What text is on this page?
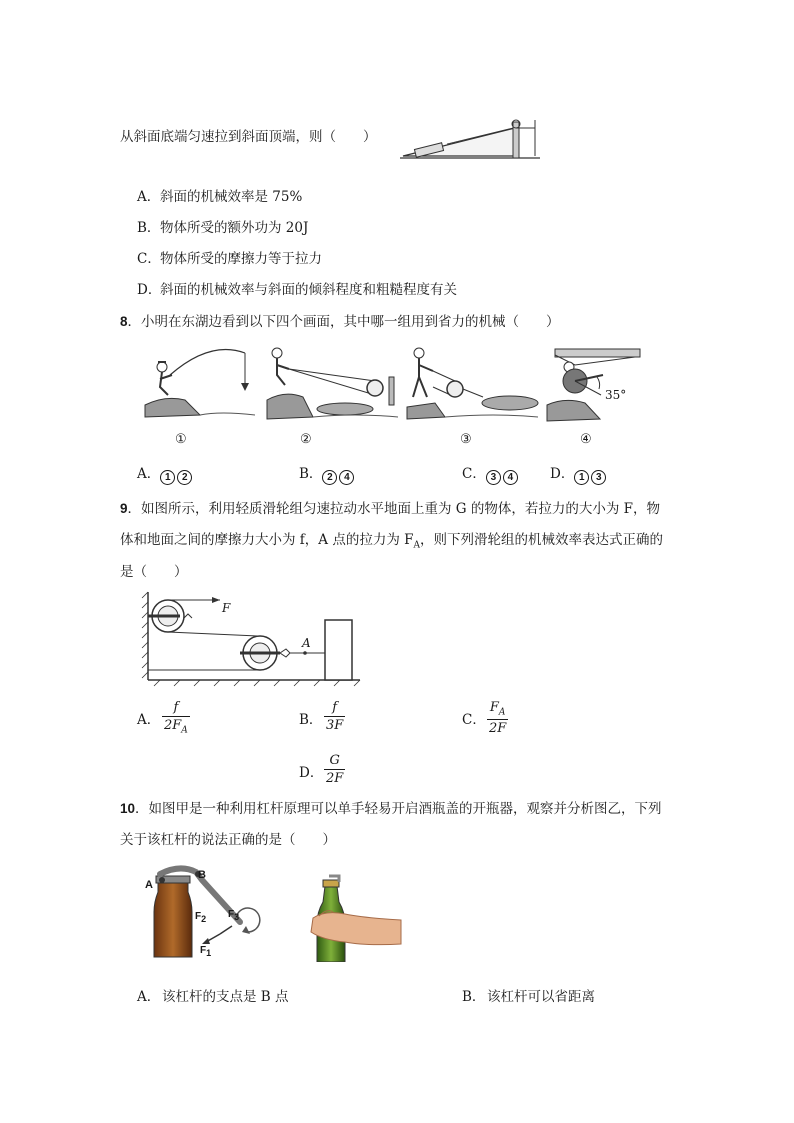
从斜面底端匀速拉到斜面顶端，则（　　）
A． 斜面的机械效率是 75%
B． 物体所受的额外功为 20J
C． 物体所受的摩擦力等于拉力
D．
斜面的机械效率与斜面的倾斜程度和粗糙程度有关
8．小明在东湖边看到以下四个画面，其中哪一组用到省力的机械（　　）
①	②	③
35°
④
A． 1 2	B． 2 4	C． 3 4	D． 1 3
9．如图所示，利用轻质滑轮组匀速拉动水平地面上重为 G 的物体，若拉力的大小为 F，物
体和地面之间的摩擦力大小为 f，A 点的拉力为 $F_A$，则下列滑轮组的机械效率表达式正确的
是（　　）
F
A
A．
f
$2F_A$
B．
f
3F	C．
$F_A$
2F
D．
G
2F
10．如图甲是一种利用杠杆原理可以单手轻易开启酒瓶盖的开瓶器，观察并分析图乙，下列
关于该杠杆的说法正确的是（　　）
A
B
$F_2$ $F_3$
$F_1$
A． 该杠杆的支点是 B 点	B． 该杠杆可以省距离
